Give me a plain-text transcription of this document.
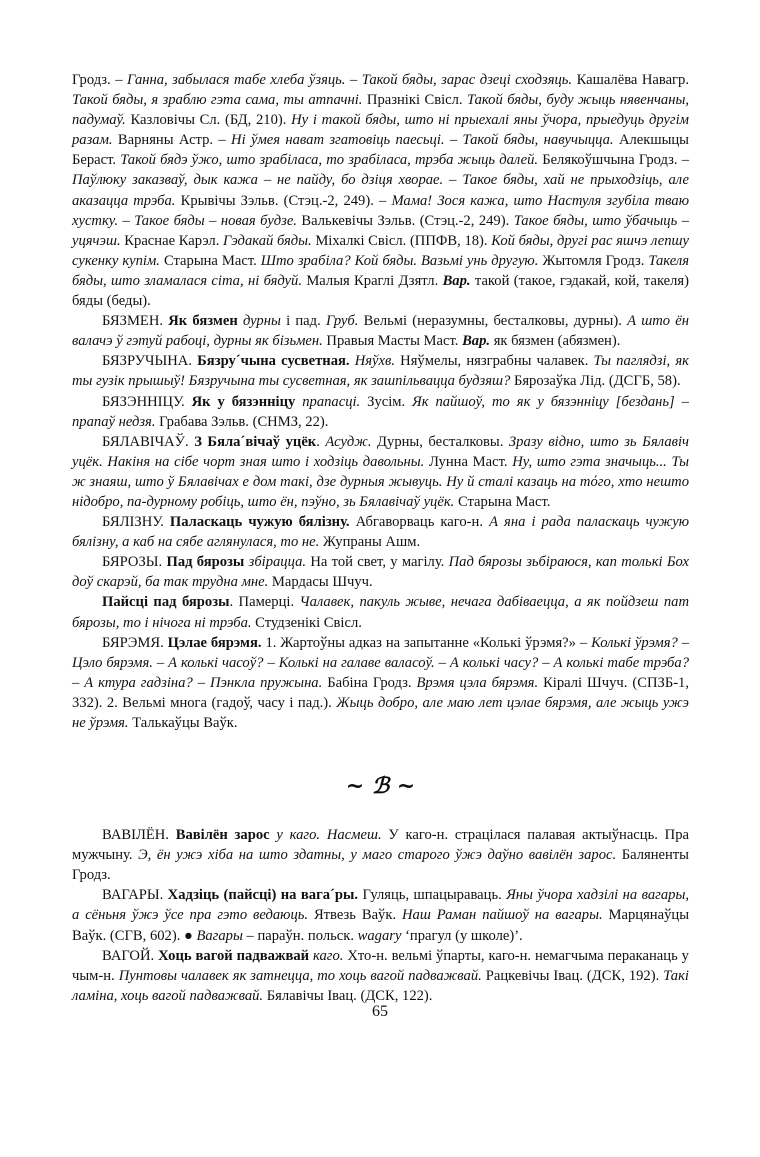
Гродз. – Ганна, забылася табе хлеба ўзяць. – Такой бяды, зарас дзеці сходзяць. Кашалёва Навагр. Такой бяды, я зраблю гэта сама, ты атпачні. Празнікі Свісл. Такой бяды, буду жыць нявенчаны, падумаў. Казловічы Сл. (БД, 210). Ну і такой бяды, што ні прыехалі яны ўчора, прыедуць другім разам. Варняны Астр. – Ні ўмея нават згатовіць паесьці. – Такой бяды, навучыцца. Алекшыцы Бераст. Такой бядэ ўжо, што зрабіласа, то зрабіласа, трэба жыць далей. Белякоўшчына Гродз. – Паўлюку заказваў, дык кажа – не пайду, бо дзіця хворае. – Такое бяды, хай не прыходзіць, але аказацца трэба. Крывічы Зэльв. (Стэц.-2, 249). – Мама! Зося кажа, што Настуля згубіла тваю хустку. – Такое бяды – новая будзе. Валькевічы Зэльв. (Стэц.-2, 249). Такое бяды, што ўбачыць – уцячэш. Краснае Карэл. Гэдакай бяды. Міхалкі Свісл. (ППФВ, 18). Кой бяды, другі рас яшчэ лепшу сукенку купім. Старына Маст. Што зрабіла? Кой бяды. Вазьмі унь другую. Жытомля Гродз. Такеля бяды, што зламалася сіта, ні бядуй. Малыя Краглі Дзятл. Вар. такой (такое, гэдакай, кой, такеля) бяды (беды).

БЯЗМЕН. Як бязмен дурны і пад. Груб. Вельмі (неразумны, бесталковы, дурны). А што ён валачэ ў гэтуй рабоці, дурны як бізьмен. Правыя Масты Маст. Вар. як бязмен (абязмен).

БЯЗРУЧЫНА. Бязру´чына сусветная. Няўхв. Няўмелы, нязграбны чалавек. Ты паглядзі, як ты гузік прышыў! Бязручына ты сусветная, як зашпільваццa будзяш? Бярозаўка Лід. (ДСГБ, 58).

БЯЗЭННІЦУ. Як у бязэнніцу прапасці. Зусім. Як пайшоў, то як у бязэнніцу [бездань] – прапаў недзя. Грабава Зэльв. (СНМЗ, 22).

БЯЛАВІЧАЎ. З Бяла´вічаў уцёк. Асудж. Дурны, бесталковы. Зразу відно, што зь Бялавіч уцёк. Накіня на сібе чорт зная што і ходзіць давольны. Лунна Маст. Ну, што гэта значыць... Ты ж знаяш, што ў Бялавічах е дом такі, дзе дурныя жывуць. Ну й сталі казаць на тόго, хто нешто нідобро, па-дурному робіць, што ён, пэўно, зь Бялавічаў уцёк. Старына Маст.

БЯЛІЗНУ. Паласкаць чужую бялізну. Абгаворваць каго-н. А яна і рада паласкаць чужую бялізну, а каб на сябе аглянулася, то не. Жупраны Ашм.

БЯРОЗЫ. Пад бярозы збірацца. На той свет, у магілу. Пад бярозы зьбіраюся, кап толькі Бох доў скарэй, ба так трудна мне. Мардасы Шчуч.

Пайсці пад бярозы. Памерці. Чалавек, пакуль жыве, нечага дабіваецца, а як пойдзеш пат бярозы, то і нічога ні трэба. Студзенікі Свісл.

БЯРЭМЯ. Цэлае бярэмя. 1. Жартоўны адказ на запытанне «Колькі ўрэмя?» – Колькі ўрэмя? – Цэло бярэмя. – А колькі часоў? – Колькі на галаве валасоў. – А колькі часу? – А колькі табе трэба? – А ктура гадзіна? – Пэнкла пружына. Бабіна Гродз. Врэмя цэла бярэмя. Кіралі Шчуч. (СПЗБ-1, 332). 2. Вельмі многа (гадоў, часу і пад.). Жыць добро, але маю лет цэлае бярэмя, але жыць ужэ не ўрэмя. Талькаўцы Ваўк.

~ ℬ ~

ВАВІЛЁН. Вавілён зарос у каго. Насмеш. У каго-н. страцілася палавая актыўнасць. Пра мужчыну. Э, ён ужэ хіба на што здатны, у маго старого ўжэ даўно вавілён зарос. Баляненты Гродз.

ВАГАРЫ. Хадзіць (пайсці) на вага´ры. Гуляць, шпацыраваць. Яны ўчора хадзілі на вагары, а сёньня ўжэ ўсе пра гэто ведаюць. Ятвезь Ваўк. Наш Раман пайшоў на вагары. Марцянаўцы Ваўк. (СГВ, 602). ● Вагары – параўн. польск. wagary ‘прагул (у школе)’.

ВАГОЙ. Хоць вагой падважвай каго. Хто-н. вельмі ўпарты, каго-н. немагчыма пераканаць у чым-н. Пунтовы чалавек як затнецца, то хоць вагой падважвай. Рацкевічы Івац. (ДСК, 192). Такі ламіна, хоць вагой падважвай. Бялавічы Івац. (ДСК, 122).

65
